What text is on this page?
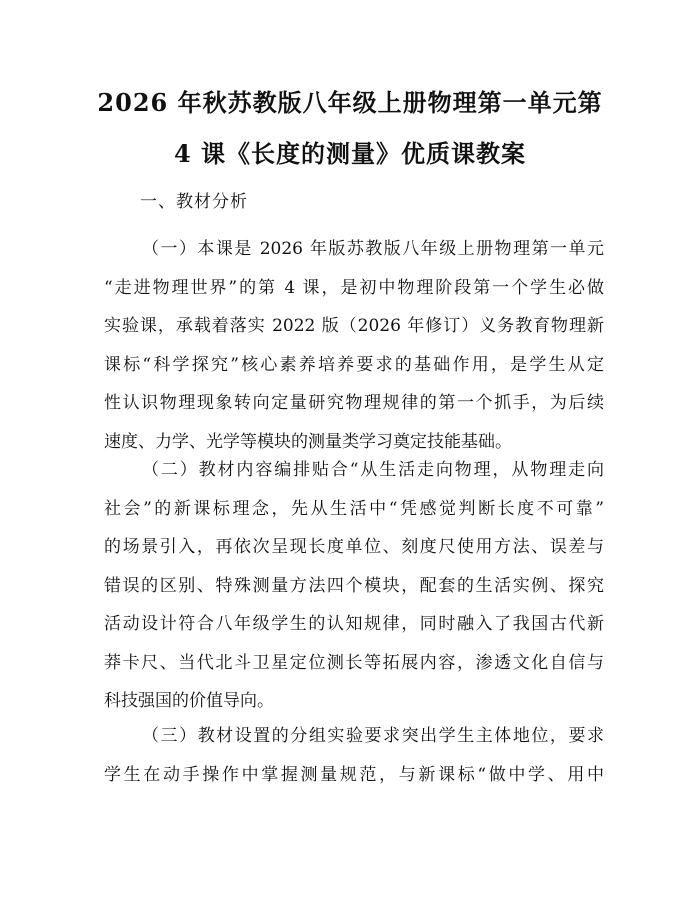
2026 年秋苏教版八年级上册物理第一单元第
4 课《长度的测量》优质课教案
一、教材分析
（一）本课是 2026 年版苏教版八年级上册物理第一单元
“走进物理世界”的第 4 课，是初中物理阶段第一个学生必做
实验课，承载着落实 2022 版（2026 年修订）义务教育物理新
课标“科学探究”核心素养培养要求的基础作用，是学生从定
性认识物理现象转向定量研究物理规律的第一个抓手，为后续
速度、力学、光学等模块的测量类学习奠定技能基础。
（二）教材内容编排贴合“从生活走向物理，从物理走向
社会”的新课标理念，先从生活中“凭感觉判断长度不可靠”
的场景引入，再依次呈现长度单位、刻度尺使用方法、误差与
错误的区别、特殊测量方法四个模块，配套的生活实例、探究
活动设计符合八年级学生的认知规律，同时融入了我国古代新
莽卡尺、当代北斗卫星定位测长等拓展内容，渗透文化自信与
科技强国的价值导向。
（三）教材设置的分组实验要求突出学生主体地位，要求
学生在动手操作中掌握测量规范，与新课标“做中学、用中
